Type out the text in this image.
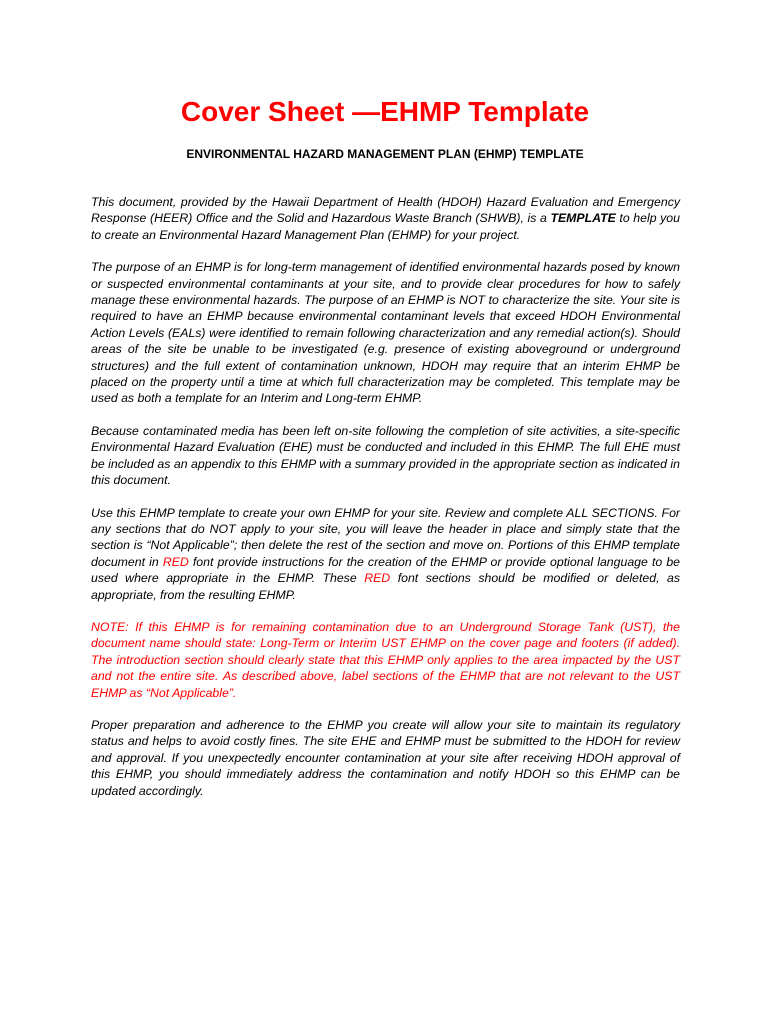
Cover Sheet —EHMP Template
ENVIRONMENTAL HAZARD MANAGEMENT PLAN (EHMP) TEMPLATE

This document, provided by the Hawaii Department of Health (HDOH) Hazard Evaluation and Emergency Response (HEER) Office and the Solid and Hazardous Waste Branch (SHWB), is a TEMPLATE to help you to create an Environmental Hazard Management Plan (EHMP) for your project.

The purpose of an EHMP is for long-term management of identified environmental hazards posed by known or suspected environmental contaminants at your site, and to provide clear procedures for how to safely manage these environmental hazards. The purpose of an EHMP is NOT to characterize the site. Your site is required to have an EHMP because environmental contaminant levels that exceed HDOH Environmental Action Levels (EALs) were identified to remain following characterization and any remedial action(s). Should areas of the site be unable to be investigated (e.g. presence of existing aboveground or underground structures) and the full extent of contamination unknown, HDOH may require that an interim EHMP be placed on the property until a time at which full characterization may be completed. This template may be used as both a template for an Interim and Long-term EHMP.

Because contaminated media has been left on-site following the completion of site activities, a site-specific Environmental Hazard Evaluation (EHE) must be conducted and included in this EHMP. The full EHE must be included as an appendix to this EHMP with a summary provided in the appropriate section as indicated in this document.

Use this EHMP template to create your own EHMP for your site. Review and complete ALL SECTIONS. For any sections that do NOT apply to your site, you will leave the header in place and simply state that the section is “Not Applicable”; then delete the rest of the section and move on. Portions of this EHMP template document in RED font provide instructions for the creation of the EHMP or provide optional language to be used where appropriate in the EHMP. These RED font sections should be modified or deleted, as appropriate, from the resulting EHMP.

NOTE: If this EHMP is for remaining contamination due to an Underground Storage Tank (UST), the document name should state: Long-Term or Interim UST EHMP on the cover page and footers (if added). The introduction section should clearly state that this EHMP only applies to the area impacted by the UST and not the entire site. As described above, label sections of the EHMP that are not relevant to the UST EHMP as “Not Applicable”.

Proper preparation and adherence to the EHMP you create will allow your site to maintain its regulatory status and helps to avoid costly fines. The site EHE and EHMP must be submitted to the HDOH for review and approval. If you unexpectedly encounter contamination at your site after receiving HDOH approval of this EHMP, you should immediately address the contamination and notify HDOH so this EHMP can be updated accordingly.
